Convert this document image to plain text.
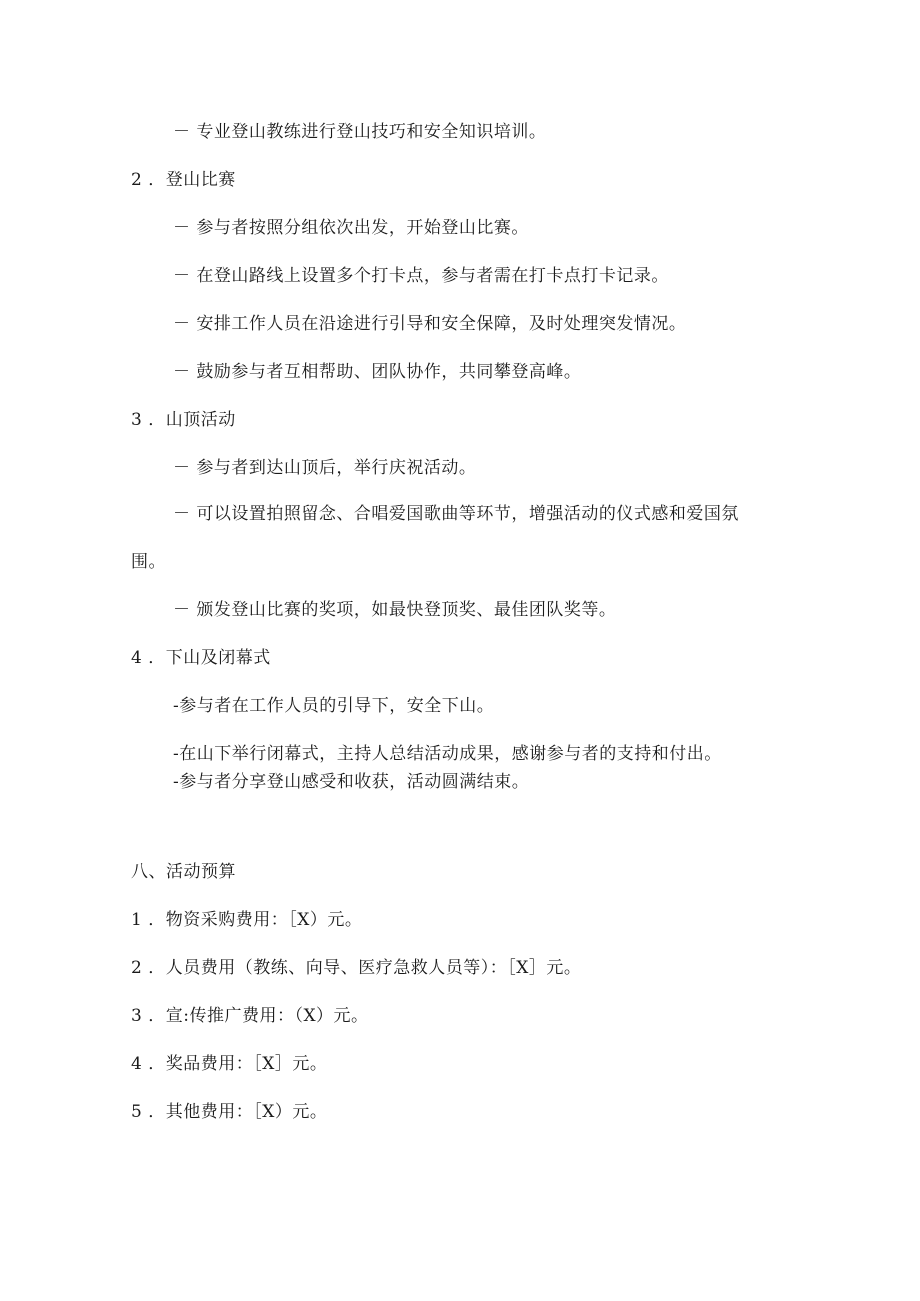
－ 专业登山教练进行登山技巧和安全知识培训。
2 ．登山比赛
－ 参与者按照分组依次出发，开始登山比赛。
－ 在登山路线上设置多个打卡点，参与者需在打卡点打卡记录。
－ 安排工作人员在沿途进行引导和安全保障，及时处理突发情况。
－ 鼓励参与者互相帮助、团队协作，共同攀登高峰。
3 ．山顶活动
－ 参与者到达山顶后，举行庆祝活动。
－ 可以设置拍照留念、合唱爱国歌曲等环节，增强活动的仪式感和爱国氛
围。
－ 颁发登山比赛的奖项，如最快登顶奖、最佳团队奖等。
4 ．下山及闭幕式
-参与者在工作人员的引导下，安全下山。
-在山下举行闭幕式，主持人总结活动成果，感谢参与者的支持和付出。
-参与者分享登山感受和收获，活动圆满结束。
八、活动预算
1 ．物资采购费用：［X）元。
2 ．人员费用（教练、向导、医疗急救人员等）：［X］元。
3 ．宣:传推广费用：（X）元。
4 ．奖品费用：［X］元。
5 ．其他费用：［X）元。
